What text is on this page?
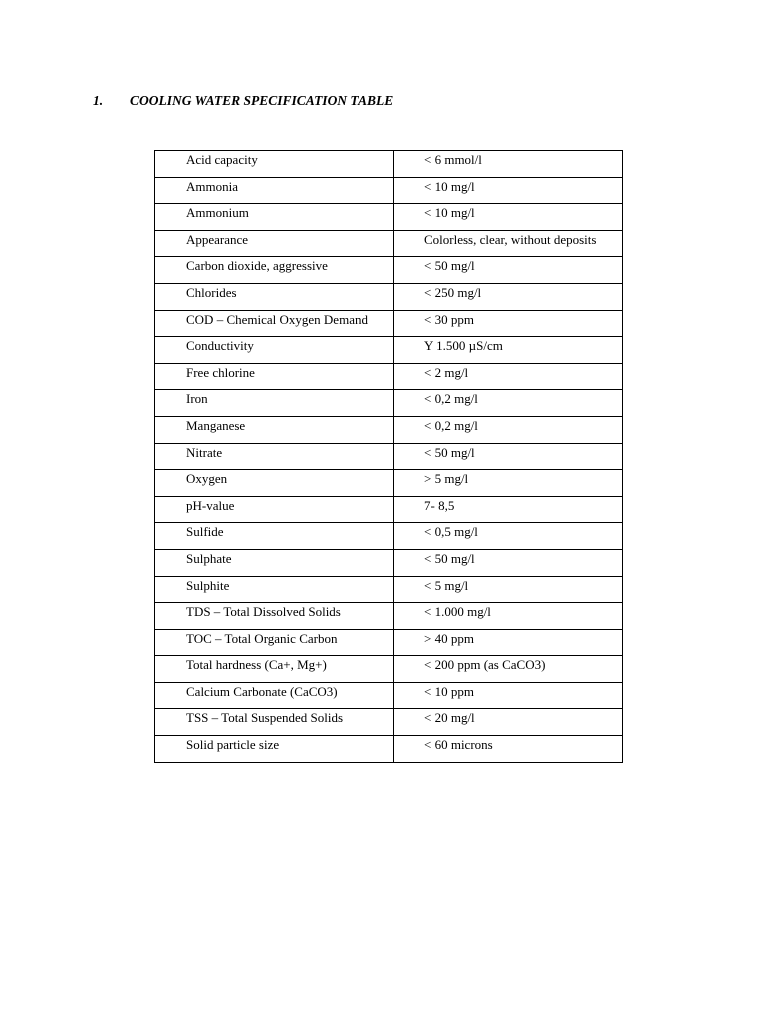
1. COOLING WATER SPECIFICATION TABLE
Acid capacity	< 6 mmol/l
Ammonia	< 10 mg/l
Ammonium	< 10 mg/l
Appearance	Colorless, clear, without deposits
Carbon dioxide, aggressive	< 50 mg/l
Chlorides	< 250 mg/l
COD – Chemical Oxygen Demand	< 30 ppm
Conductivity	Y 1.500 µS/cm
Free chlorine	< 2 mg/l
Iron	< 0,2 mg/l
Manganese	< 0,2 mg/l
Nitrate	< 50 mg/l
Oxygen	> 5 mg/l
pH-value	7- 8,5
Sulfide	< 0,5 mg/l
Sulphate	< 50 mg/l
Sulphite	< 5 mg/l
TDS – Total Dissolved Solids	< 1.000 mg/l
TOC – Total Organic Carbon	> 40 ppm
Total hardness (Ca+, Mg+)	< 200 ppm (as CaCO3)
Calcium Carbonate (CaCO3)	< 10 ppm
TSS – Total Suspended Solids	< 20 mg/l
Solid particle size	< 60 microns
